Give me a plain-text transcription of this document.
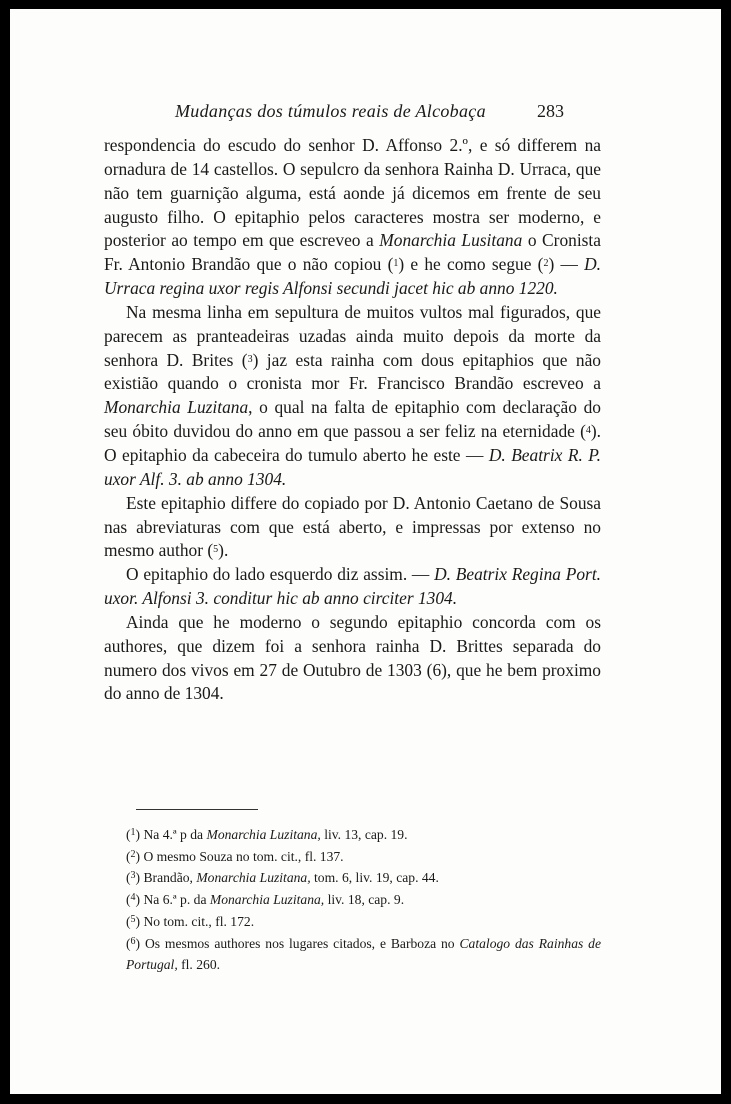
Mudanças dos túmulos reais de Alcobaça	283

respondencia do escudo do senhor D. Affonso 2.º, e só differem na ornadura de 14 castellos. O sepulcro da senhora Rainha D. Urraca, que não tem guarnição alguma, está aonde já dicemos em frente de seu augusto filho. O epitaphio pelos caracteres mostra ser moderno, e posterior ao tempo em que escreveo a Monarchia Lusitana o Cronista Fr. Antonio Brandão que o não copiou ($^1$) e he como segue ($^2$) — D. Urraca regina uxor regis Alfonsi secundi jacet hic ab anno 1220.

Na mesma linha em sepultura de muitos vultos mal figurados, que parecem as pranteadeiras uzadas ainda muito depois da morte da senhora D. Brites ($^3$) jaz esta rainha com dous epitaphios que não existião quando o cronista mor Fr. Francisco Brandão escreveo a Monarchia Luzitana, o qual na falta de epitaphio com declaração do seu óbito duvidou do anno em que passou a ser feliz na eternidade ($^4$). O epitaphio da cabeceira do tumulo aberto he este — D. Beatrix R. P. uxor Alf. 3. ab anno 1304.

Este epitaphio differe do copiado por D. Antonio Caetano de Sousa nas abreviaturas com que está aberto, e impressas por extenso no mesmo author ($^5$).

O epitaphio do lado esquerdo diz assim. — D. Beatrix Regina Port. uxor. Alfonsi 3. conditur hic ab anno circiter 1304.

Ainda que he moderno o segundo epitaphio concorda com os authores, que dizem foi a senhora rainha D. Brittes separada do numero dos vivos em 27 de Outubro de 1303 (6), que he bem proximo do anno de 1304.

($^1$) Na 4.ª p da Monarchia Luzitana, liv. 13, cap. 19.
($^2$) O mesmo Souza no tom. cit., fl. 137.
($^3$) Brandão, Monarchia Luzitana, tom. 6, liv. 19, cap. 44.
($^4$) Na 6.ª p. da Monarchia Luzitana, liv. 18, cap. 9.
($^5$) No tom. cit., fl. 172.
($^6$) Os mesmos authores nos lugares citados, e Barboza no Catalogo das Rainhas de Portugal, fl. 260.
